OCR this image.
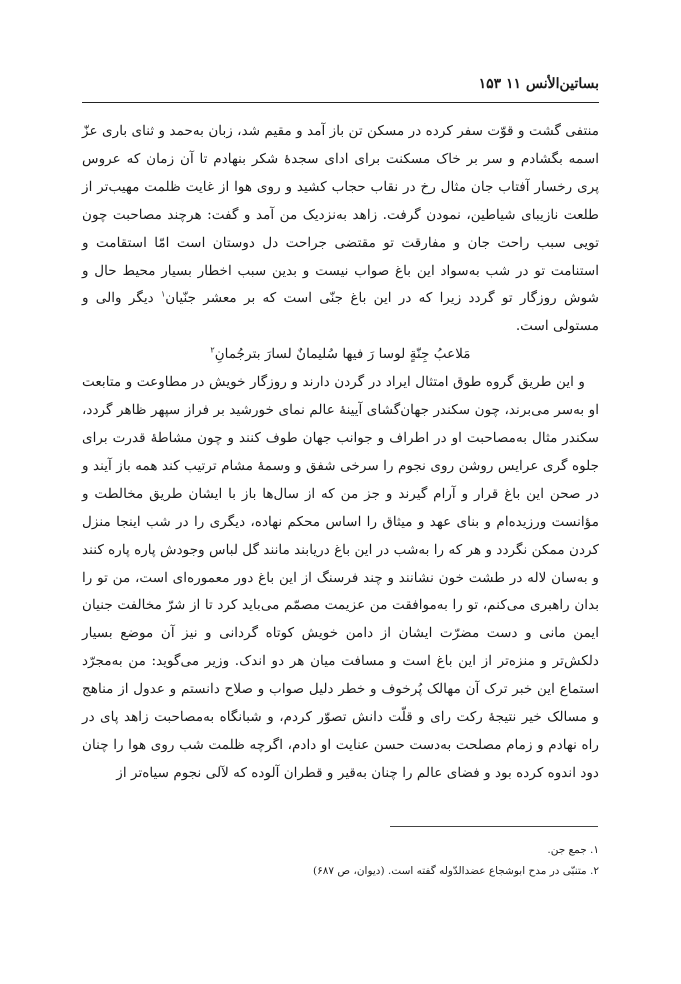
بساتین‌الأنس ۱۱ ۱۵۳

منتفی گشت و قوّت سفر کرده در مسکن تن باز آمد و مقیم شد، زبان به‌حمد و ثنای باری عزّ اسمه بگشادم و سر بر خاک مسکنت برای ادای سجدهٔ شکر بنهادم تا آن زمان که عروس پری رخسار آفتاب جان مثال رخ در نقاب حجاب کشید و روی هوا از غایت ظلمت مهیب‌تر از طلعت نازیبای شیاطین، نمودن گرفت. زاهد به‌نزدیک من آمد و گفت: هرچند مصاحبت چون تویی سبب راحت جان و مفارقت تو مقتضی جراحت دل دوستان است امّا استقامت و استنامت تو در شب به‌سواد این باغ صواب نیست و بدین سبب اخطار بسیار محیط حال و شوش روزگار تو گردد زیرا که در این باغ جنّی است که بر معشر جنّیان$^۱$ دیگر والی و مستولی است.

مَلاعبُ جِنّةٍ لوسا رَ فیها سُلیمانٌ لسارَ بترجُمانِ$^۲$

و این طریق گروه طوق امتثال ایراد در گردن دارند و روزگار خویش در مطاوعت و متابعت او به‌سر می‌برند، چون سکندر جهان‌گشای آیینهٔ عالم نمای خورشید بر فراز سپهر ظاهر گردد، سکندر مثال به‌مصاحبت او در اطراف و جوانب جهان طوف کنند و چون مشاطهٔ قدرت برای جلوه گری عرایس روشن روی نجوم را سرخی شفق و وسمهٔ مشام ترتیب کند همه باز آیند و در صحن این باغ قرار و آرام گیرند و جز من که از سال‌ها باز با ایشان طریق مخالطت و مؤانست ورزیده‌ام و بنای عهد و میثاق را اساس محکم نهاده، دیگری را در شب اینجا منزل کردن ممکن نگردد و هر که را به‌شب در این باغ دریابند مانند گل لباس وجودش پاره پاره کنند و به‌سان لاله در طشت خون نشانند و چند فرسنگ از این باغ دور معموره‌ای است، من تو را بدان راهبری می‌کنم، تو را به‌موافقت من عزیمت مصمّم می‌باید کرد تا از شرّ مخالفت جنیان ایمن مانی و دست مضرّت ایشان از دامن خویش کوتاه گردانی و نیز آن موضع بسیار دلکش‌تر و منزه‌تر از این باغ است و مسافت میان هر دو اندک. وزیر می‌گوید: من به‌مجرّد استماع این خبر ترک آن مهالک پُرخوف و خطر دلیل صواب و صلاح دانستم و عدول از مناهج و مسالک خیر نتیجهٔ رکت رای و قلّت دانش تصوّر کردم، و شبانگاه به‌مصاحبت زاهد پای در راه نهادم و زمام مصلحت به‌دست حسن عنایت او دادم، اگرچه ظلمت شب روی هوا را چنان دود اندوه کرده بود و فضای عالم را چنان به‌قیر و قطران آلوده که لآلی نجوم سیاه‌تر از

۱. جمع جن.
۲. متنبّی در مدح ابوشجاع عضدالدّوله گفته است. (دیوان، ص ۶۸۷)
